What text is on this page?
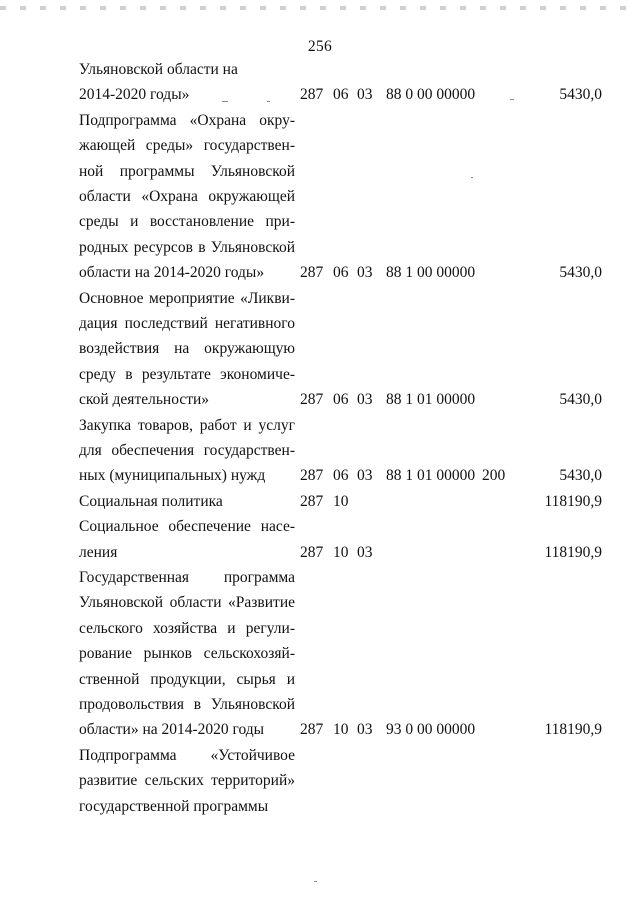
256
Ульяновской области на
2014-2020 годы»	287 06 03 88 0 00 00000	5430,0
Подпрограмма «Охрана окру-
жающей среды» государствен-
ной программы Ульяновской
области «Охрана окружающей
среды и восстановление при-
родных ресурсов в Ульяновской
области на 2014-2020 годы»	287 06 03 88 1 00 00000	5430,0
Основное мероприятие «Ликви-
дация последствий негативного
воздействия на окружающую
среду в результате экономиче-
ской деятельности»	287 06 03 88 1 01 00000	5430,0
Закупка товаров, работ и услуг
для обеспечения государствен-
ных (муниципальных) нужд	287 06 03 88 1 01 00000 200	5430,0
Социальная политика	287 10	118190,9
Социальное обеспечение насе-
ления	287 10 03	118190,9
Государственная программа
Ульяновской области «Развитие
сельского хозяйства и регули-
рование рынков сельскохозяй-
ственной продукции, сырья и
продовольствия в Ульяновской
области» на 2014-2020 годы	287 10 03 93 0 00 00000	118190,9
Подпрограмма «Устойчивое
развитие сельских территорий»
государственной программы
